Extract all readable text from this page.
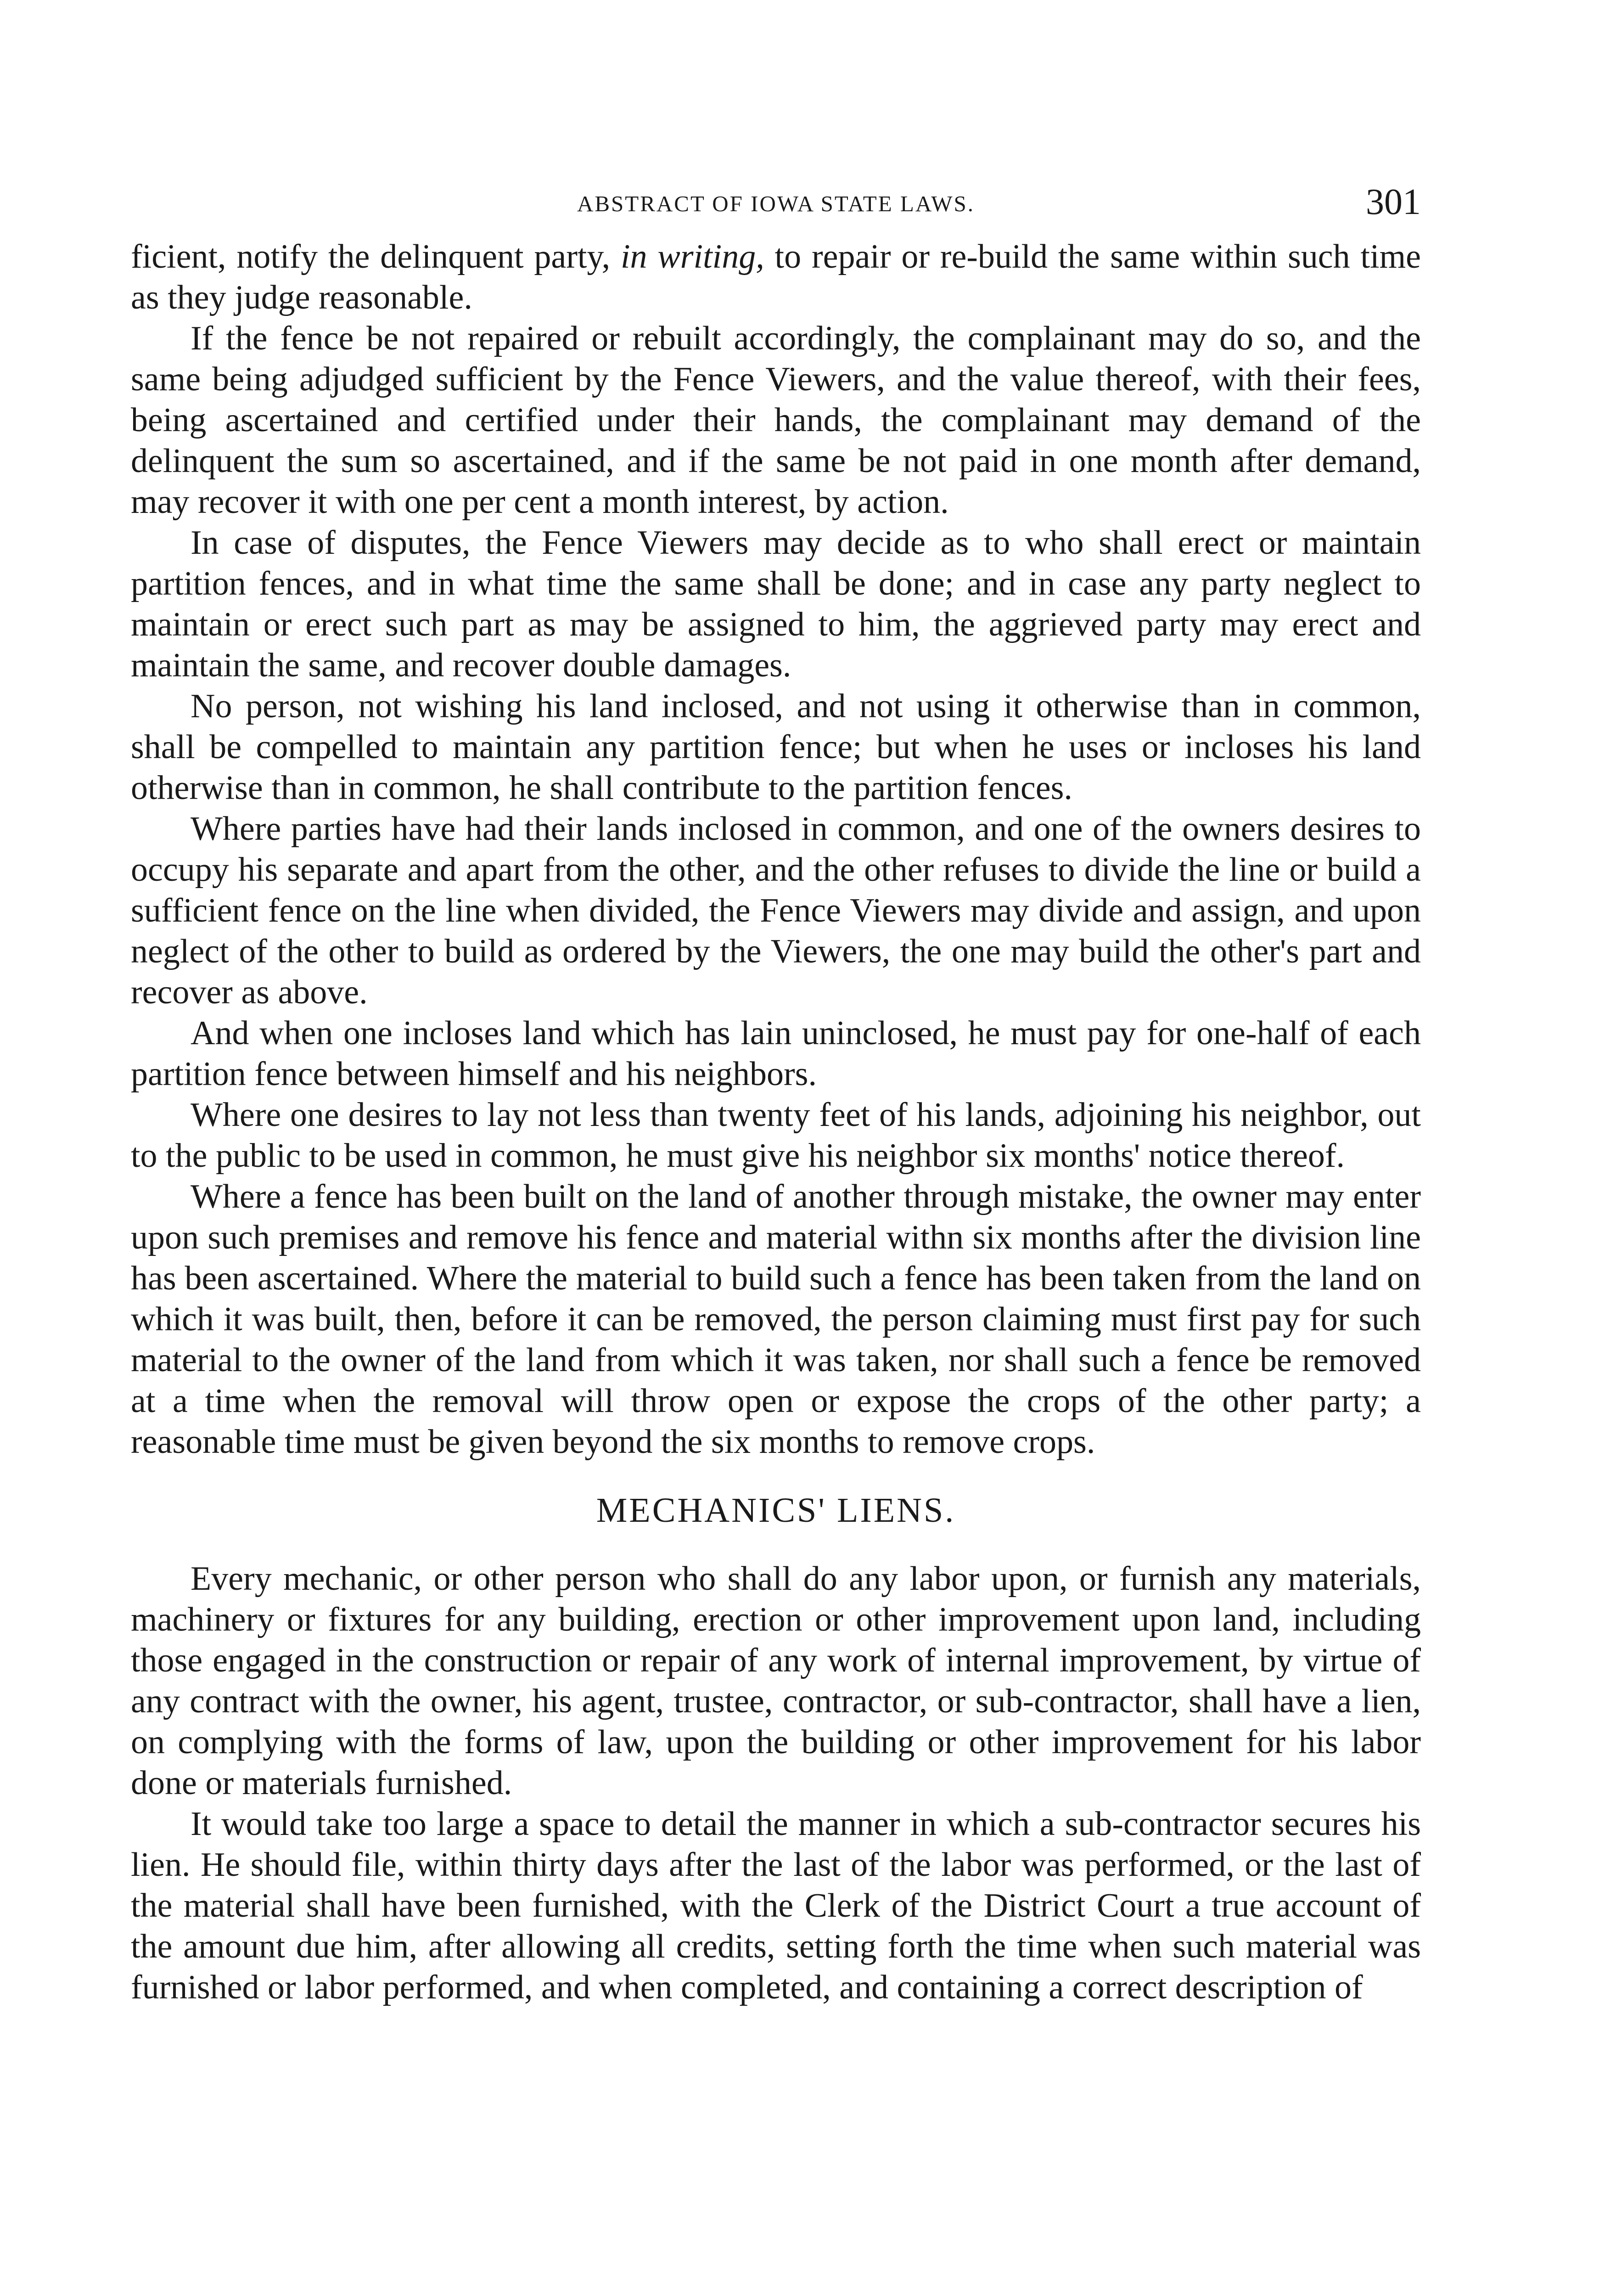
ABSTRACT OF IOWA STATE LAWS.	301

ficient, notify the delinquent party, in writing, to repair or re-build the same within such time as they judge reasonable.

If the fence be not repaired or rebuilt accordingly, the complainant may do so, and the same being adjudged sufficient by the Fence Viewers, and the value thereof, with their fees, being ascertained and certified under their hands, the complainant may demand of the delinquent the sum so ascertained, and if the same be not paid in one month after demand, may recover it with one per cent a month interest, by action.

In case of disputes, the Fence Viewers may decide as to who shall erect or maintain partition fences, and in what time the same shall be done; and in case any party neglect to maintain or erect such part as may be assigned to him, the aggrieved party may erect and maintain the same, and recover double damages.

No person, not wishing his land inclosed, and not using it otherwise than in common, shall be compelled to maintain any partition fence; but when he uses or incloses his land otherwise than in common, he shall contribute to the partition fences.

Where parties have had their lands inclosed in common, and one of the owners desires to occupy his separate and apart from the other, and the other refuses to divide the line or build a sufficient fence on the line when divided, the Fence Viewers may divide and assign, and upon neglect of the other to build as ordered by the Viewers, the one may build the other's part and recover as above.

And when one incloses land which has lain uninclosed, he must pay for one-half of each partition fence between himself and his neighbors.

Where one desires to lay not less than twenty feet of his lands, adjoining his neighbor, out to the public to be used in common, he must give his neighbor six months' notice thereof.

Where a fence has been built on the land of another through mistake, the owner may enter upon such premises and remove his fence and material withn six months after the division line has been ascertained. Where the material to build such a fence has been taken from the land on which it was built, then, before it can be removed, the person claiming must first pay for such material to the owner of the land from which it was taken, nor shall such a fence be removed at a time when the removal will throw open or expose the crops of the other party; a reasonable time must be given beyond the six months to remove crops.

MECHANICS' LIENS.

Every mechanic, or other person who shall do any labor upon, or furnish any materials, machinery or fixtures for any building, erection or other improvement upon land, including those engaged in the construction or repair of any work of internal improvement, by virtue of any contract with the owner, his agent, trustee, contractor, or sub-contractor, shall have a lien, on complying with the forms of law, upon the building or other improvement for his labor done or materials furnished.

It would take too large a space to detail the manner in which a sub-contractor secures his lien. He should file, within thirty days after the last of the labor was performed, or the last of the material shall have been furnished, with the Clerk of the District Court a true account of the amount due him, after allowing all credits, setting forth the time when such material was furnished or labor performed, and when completed, and containing a correct description of
